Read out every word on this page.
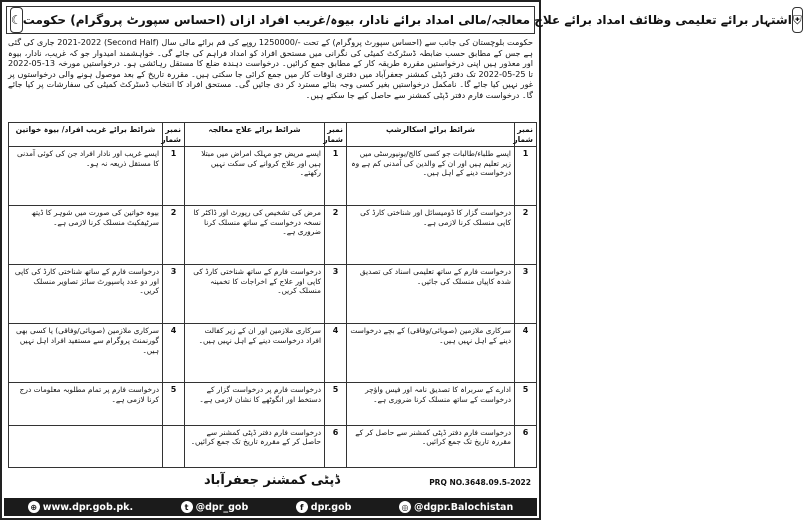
☾ اشتہار برائے تعلیمی وظائف امداد برائے علاج معالجہ/مالی امداد برائے نادار، بیوہ/غریب افراد ازاں (احساس سپورٹ پروگرام) حکومت ⛨
حکومت بلوچستان کی جانب سے (احساس سپورٹ پروگرام) کے تحت -/1250000 روپے کی قم برائے مالی سال (Second Half) 2021-2022 جاری کی گئی ہے جس کے مطابق حسب ضابطہ ڈسٹرکٹ کمیٹی کی نگرانی میں مستحق افراد کو امداد فراہم کی جائے گی۔ خواہشمند امیدوار جو کہ غریب، نادار، بیوہ اور معذور ہیں اپنی درخواستیں مقررہ طریقہ کار کے مطابق جمع کرائیں۔ درخواست دہندہ ضلع کا مستقل رہائشی ہو۔ درخواستیں مورخہ 13-05-2022 تا 25-05-2022 تک دفتر ڈپٹی کمشنر جعفرآباد میں دفتری اوقات کار میں جمع کرائی جا سکتی ہیں۔ مقررہ تاریخ کے بعد موصول ہونے والی درخواستوں پر غور نہیں کیا جائے گا۔ نامکمل درخواستیں بغیر کسی وجہ بتائے مسترد کر دی جائیں گی۔ مستحق افراد کا انتخاب ڈسٹرکٹ کمیٹی کی سفارشات پر کیا جائے گا۔ درخواست فارم دفتر ڈپٹی کمشنر سے حاصل کیے جا سکتے ہیں۔
نمبر شمار	شرائط برائے اسکالرشپ	نمبر شمار	شرائط برائے علاج معالجہ	نمبر شمار	شرائط برائے غریب افراد/ بیوہ خواتین
1	ایسے طلباء/طالبات جو کسی کالج/یونیورسٹی میں زیر تعلیم ہیں اور ان کے والدین کی آمدنی کم ہے وہ درخواست دینے کے اہل ہیں۔	1	ایسے مریض جو مہلک امراض میں مبتلا ہیں اور علاج کروانے کی سکت نہیں رکھتے۔	1	ایسے غریب اور نادار افراد جن کی کوئی آمدنی کا مستقل ذریعہ نہ ہو۔
2	درخواست گزار کا ڈومیسائل اور شناختی کارڈ کی کاپی منسلک کرنا لازمی ہے۔	2	مرض کی تشخیص کی رپورٹ اور ڈاکٹر کا نسخہ درخواست کے ساتھ منسلک کرنا ضروری ہے۔	2	بیوہ خواتین کی صورت میں شوہر کا ڈیتھ سرٹیفکیٹ منسلک کرنا لازمی ہے۔
3	درخواست فارم کے ساتھ تعلیمی اسناد کی تصدیق شدہ کاپیاں منسلک کی جائیں۔	3	درخواست فارم کے ساتھ شناختی کارڈ کی کاپی اور علاج کے اخراجات کا تخمینہ منسلک کریں۔	3	درخواست فارم کے ساتھ شناختی کارڈ کی کاپی اور دو عدد پاسپورٹ سائز تصاویر منسلک کریں۔
4	سرکاری ملازمین (صوبائی/وفاقی) کے بچے درخواست دینے کے اہل نہیں ہیں۔	4	سرکاری ملازمین اور ان کے زیر کفالت افراد درخواست دینے کے اہل نہیں ہیں۔	4	سرکاری ملازمین (صوبائی/وفاقی) یا کسی بھی گورنمنٹ پروگرام سے مستفید افراد اہل نہیں ہیں۔
5	ادارے کے سربراہ کا تصدیق نامہ اور فیس واؤچر درخواست کے ساتھ منسلک کرنا ضروری ہے۔	5	درخواست فارم پر درخواست گزار کے دستخط اور انگوٹھے کا نشان لازمی ہے۔	5	درخواست فارم پر تمام مطلوبہ معلومات درج کرنا لازمی ہے۔
6	درخواست فارم دفتر ڈپٹی کمشنر سے حاصل کر کے مقررہ تاریخ تک جمع کرائیں۔	6	درخواست فارم دفتر ڈپٹی کمشنر سے حاصل کر کے مقررہ تاریخ تک جمع کرائیں۔		
ڈپٹی کمشنر جعفرآباد	PRQ NO.3648.09.5-2022
⊕ www.dpr.gob.pk.	t @dpr_gob	f dpr.gob	◎ @dgpr.Balochistan
